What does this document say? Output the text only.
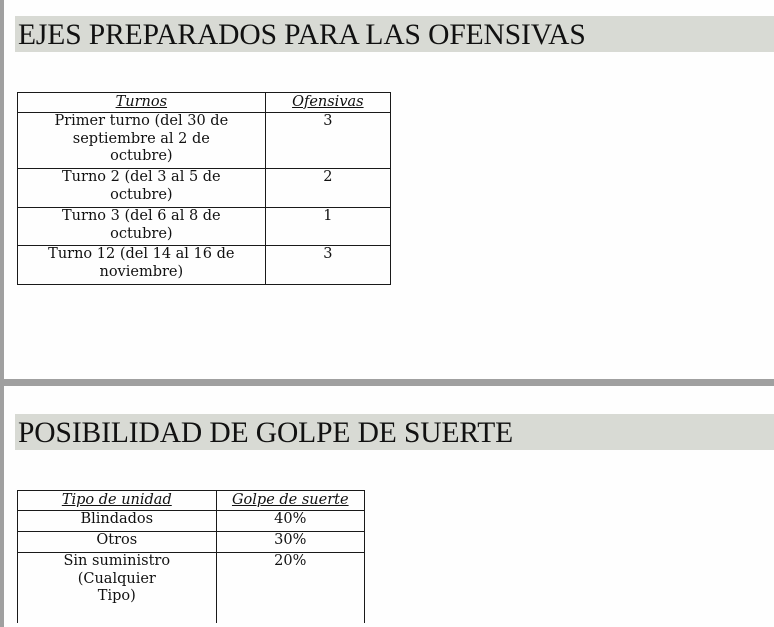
EJES PREPARADOS PARA LAS OFENSIVAS
Turnos	Ofensivas
Primer turno (del 30 de septiembre al 2 de octubre)	3
Turno 2 (del 3 al 5 de octubre)	2
Turno 3 (del 6 al 8 de octubre)	1
Turno 12 (del 14 al 16 de noviembre)	3
POSIBILIDAD DE GOLPE DE SUERTE
Tipo de unidad	Golpe de suerte
Blindados	40%
Otros	30%
Sin suministro (Cualquier Tipo)	20%
